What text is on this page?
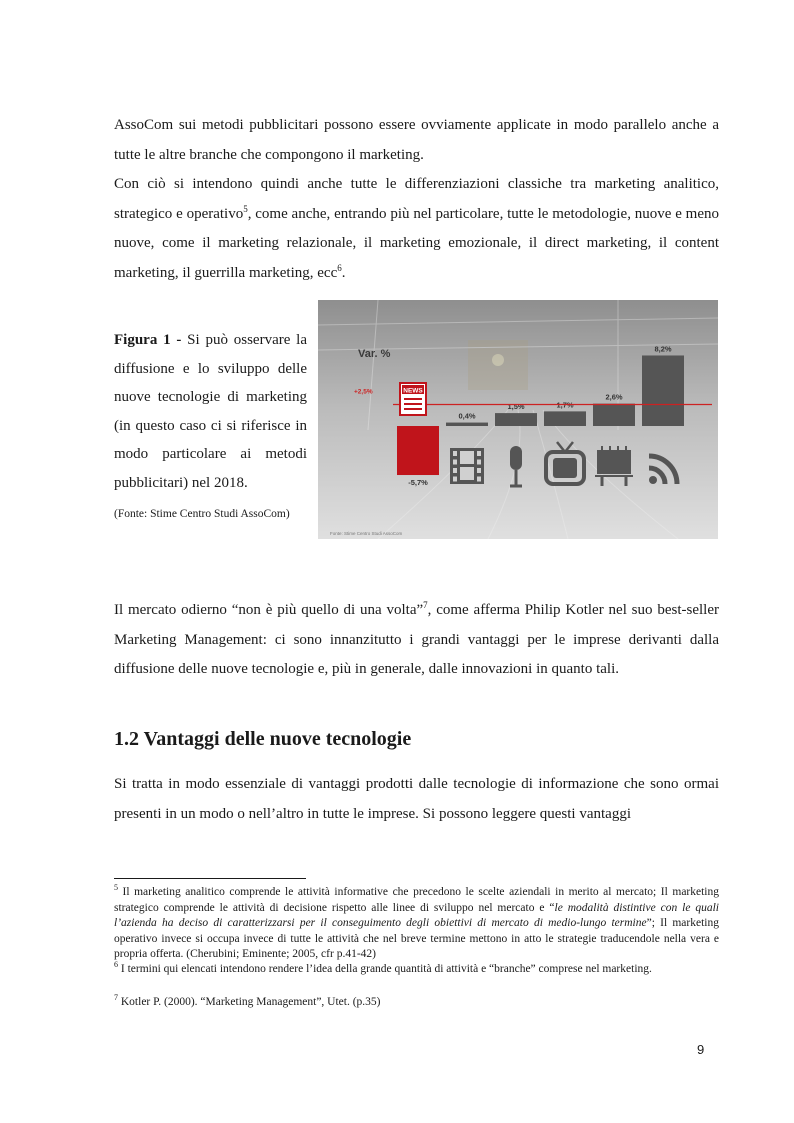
AssoCom sui metodi pubblicitari possono essere ovviamente applicate in modo parallelo anche a tutte le altre branche che compongono il marketing.

Con ciò si intendono quindi anche tutte le differenziazioni classiche tra marketing analitico, strategico e operativo$^5$, come anche, entrando più nel particolare, tutte le metodologie, nuove e meno nuove, come il marketing relazionale, il marketing emozionale, il direct marketing, il content marketing, il guerrilla marketing, ecc$^6$.

Figura 1 - Si può osservare la diffusione e lo sviluppo delle nuove tecnologie di marketing (in questo caso ci si riferisce in modo particolare ai metodi pubblicitari) nel 2018.

(Fonte: Stime Centro Studi AssoCom)

Var. %
-5,7%
0,4%
1,5%	1,7%
2,6%
8,2%
+2,5%	NEWS
Fonte: Stime Centro Studi AssoCom

Il mercato odierno “non è più quello di una volta”$^7$, come afferma Philip Kotler nel suo best-seller Marketing Management: ci sono innanzitutto i grandi vantaggi per le imprese derivanti dalla diffusione delle nuove tecnologie e, più in generale, dalle innovazioni in quanto tali.

1.2 Vantaggi delle nuove tecnologie

Si tratta in modo essenziale di vantaggi prodotti dalle tecnologie di informazione che sono ormai presenti in un modo o nell’altro in tutte le imprese. Si possono leggere questi vantaggi

$^5$ Il marketing analitico comprende le attività informative che precedono le scelte aziendali in merito al mercato; Il marketing strategico comprende le attività di decisione rispetto alle linee di sviluppo nel mercato e “le modalità distintive con le quali l’azienda ha deciso di caratterizzarsi per il conseguimento degli obiettivi di mercato di medio-lungo termine”; Il marketing operativo invece si occupa invece di tutte le attività che nel breve termine mettono in atto le strategie traducendole nella vera e propria offerta. (Cherubini; Eminente; 2005, cfr p.41-42)

$^6$ I termini qui elencati intendono rendere l’idea della grande quantità di attività e “branche” comprese nel marketing.

$^7$ Kotler P. (2000). “Marketing Management”, Utet. (p.35)

9
